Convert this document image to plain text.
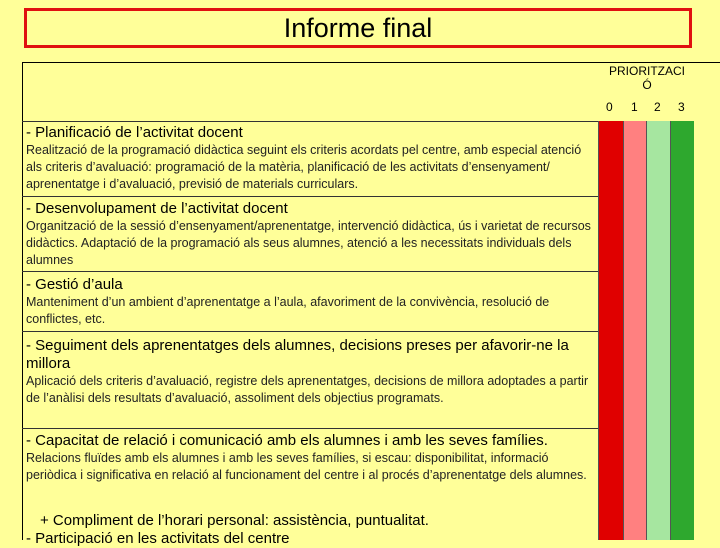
Informe final
PRIORITZACI
Ó
0 1 2 3
- Planificació de l’activitat docent
Realització de la programació didàctica seguint els criteris acordats pel centre, amb especial atenció als criteris d’avaluació: programació de la matèria, planificació de les activitats d’ensenyament/ aprenentatge i d’avaluació, previsió de materials curriculars.
- Desenvolupament de l’activitat docent
Organització de la sessió d’ensenyament/aprenentatge, intervenció didàctica, ús i varietat de recursos didàctics. Adaptació de la programació als seus alumnes, atenció a les necessitats individuals dels alumnes
- Gestió d’aula
Manteniment d’un ambient d’aprenentatge a l’aula, afavoriment de la convivència, resolució de conflictes, etc.
- Seguiment dels aprenentatges dels alumnes, decisions preses per afavorir-ne la millora
Aplicació dels criteris d’avaluació, registre dels aprenentatges, decisions de millora adoptades a partir de l’anàlisi dels resultats d’avaluació, assoliment dels objectius programats.
- Capacitat de relació i comunicació amb els alumnes i amb les seves famílies.
Relacions fluïdes amb els alumnes i amb les seves famílies, si escau: disponibilitat, informació periòdica i significativa en relació al funcionament del centre i al procés d’aprenentatge dels alumnes.
+ Compliment de l’horari personal: assistència, puntualitat.
- Participació en les activitats del centre
